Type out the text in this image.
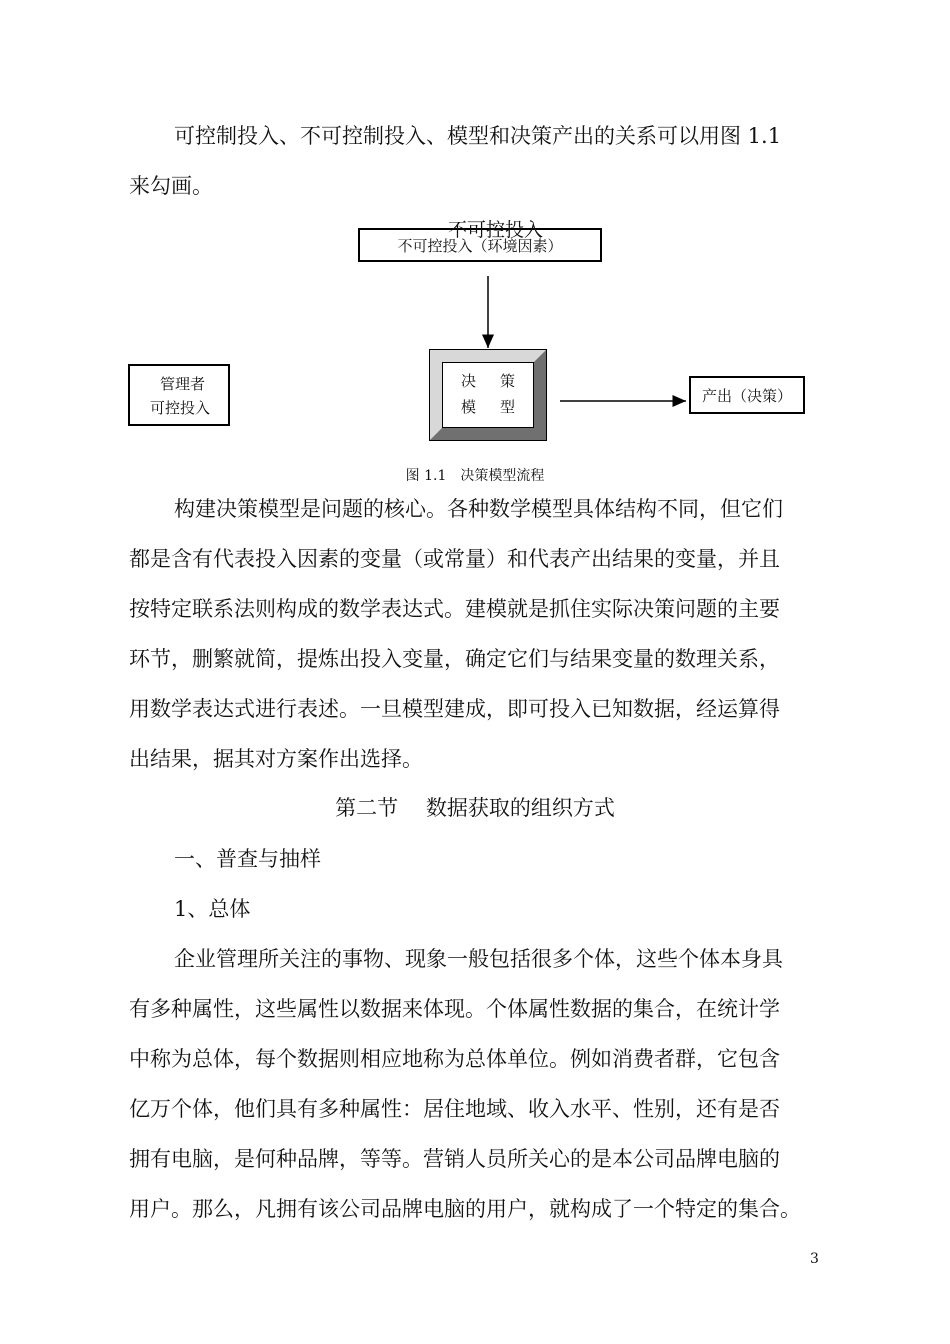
可控制投入、不可控制投入、模型和决策产出的关系可以用图 1.1
来勾画。

不可控投入（环境因素）
不可控投入
管理者
可控投入
决 策
模 型
产出（决策）
图 1.1　决策模型流程

构建决策模型是问题的核心。各种数学模型具体结构不同，但它们
都是含有代表投入因素的变量（或常量）和代表产出结果的变量，并且
按特定联系法则构成的数学表达式。建模就是抓住实际决策问题的主要
环节，删繁就简，提炼出投入变量，确定它们与结果变量的数理关系，
用数学表达式进行表述。一旦模型建成，即可投入已知数据，经运算得
出结果，据其对方案作出选择。

第二节　 数据获取的组织方式
一、普查与抽样
1、总体

企业管理所关注的事物、现象一般包括很多个体，这些个体本身具
有多种属性，这些属性以数据来体现。个体属性数据的集合，在统计学
中称为总体，每个数据则相应地称为总体单位。例如消费者群，它包含
亿万个体，他们具有多种属性：居住地域、收入水平、性别，还有是否
拥有电脑，是何种品牌，等等。营销人员所关心的是本公司品牌电脑的
用户。那么，凡拥有该公司品牌电脑的用户，就构成了一个特定的集合。

3
